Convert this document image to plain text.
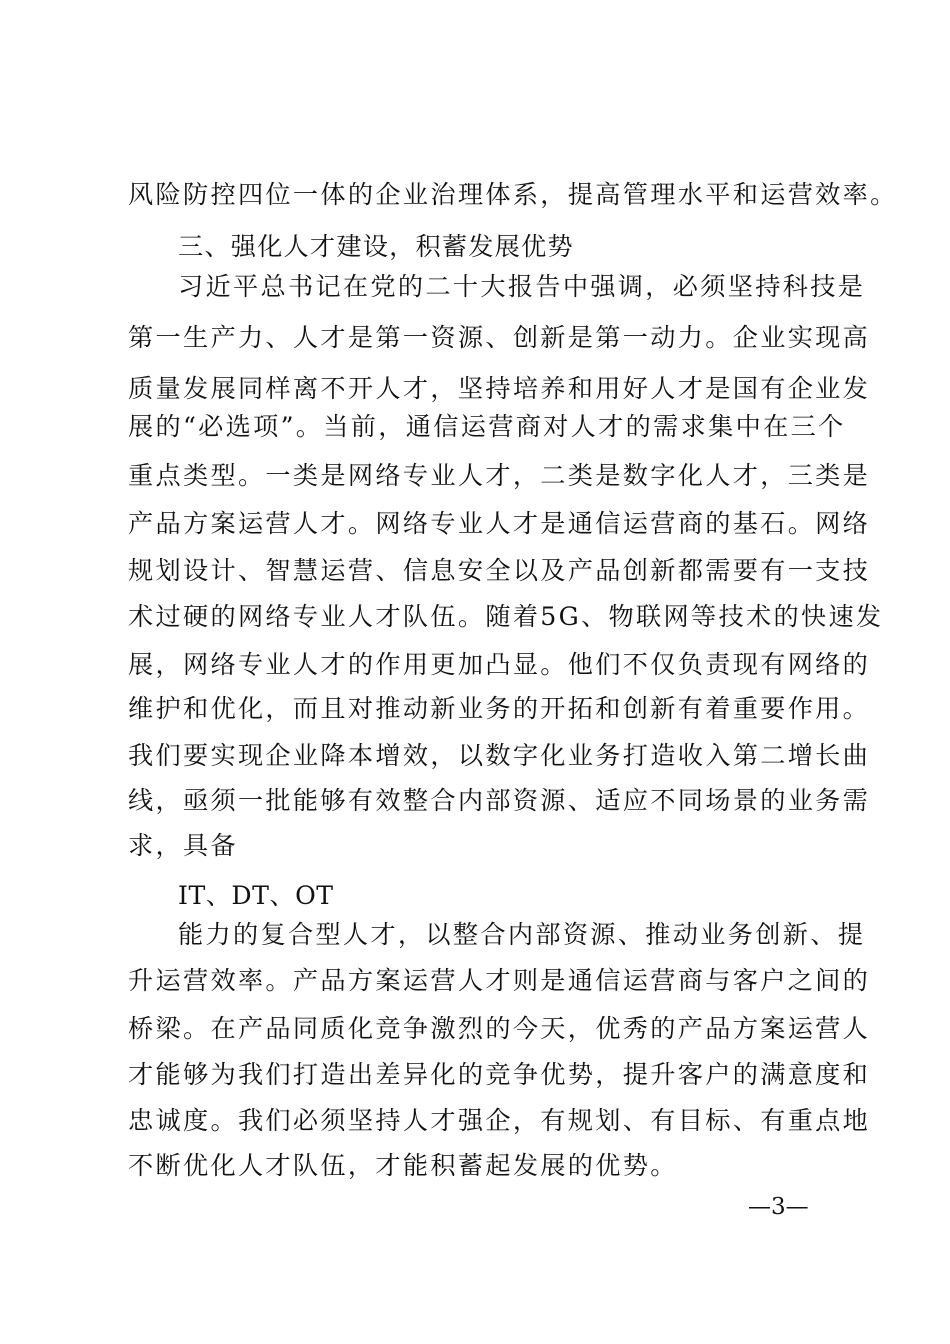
风险防控四位一体的企业治理体系，提高管理水平和运营效率。
三、强化人才建设，积蓄发展优势
习近平总书记在党的二十大报告中强调，必须坚持科技是
第一生产力、人才是第一资源、创新是第一动力。企业实现高
质量发展同样离不开人才，坚持培养和用好人才是国有企业发
展的“必选项”。当前，通信运营商对人才的需求集中在三个
重点类型。一类是网络专业人才，二类是数字化人才，三类是
产品方案运营人才。网络专业人才是通信运营商的基石。网络
规划设计、智慧运营、信息安全以及产品创新都需要有一支技
术过硬的网络专业人才队伍。随着5G、物联网等技术的快速发
展，网络专业人才的作用更加凸显。他们不仅负责现有网络的
维护和优化，而且对推动新业务的开拓和创新有着重要作用。
我们要实现企业降本增效，以数字化业务打造收入第二增长曲
线，亟须一批能够有效整合内部资源、适应不同场景的业务需
求，具备
IT、DT、OT
能力的复合型人才，以整合内部资源、推动业务创新、提
升运营效率。产品方案运营人才则是通信运营商与客户之间的
桥梁。在产品同质化竞争激烈的今天，优秀的产品方案运营人
才能够为我们打造出差异化的竞争优势，提升客户的满意度和
忠诚度。我们必须坚持人才强企，有规划、有目标、有重点地
不断优化人才队伍，才能积蓄起发展的优势。
—3—
